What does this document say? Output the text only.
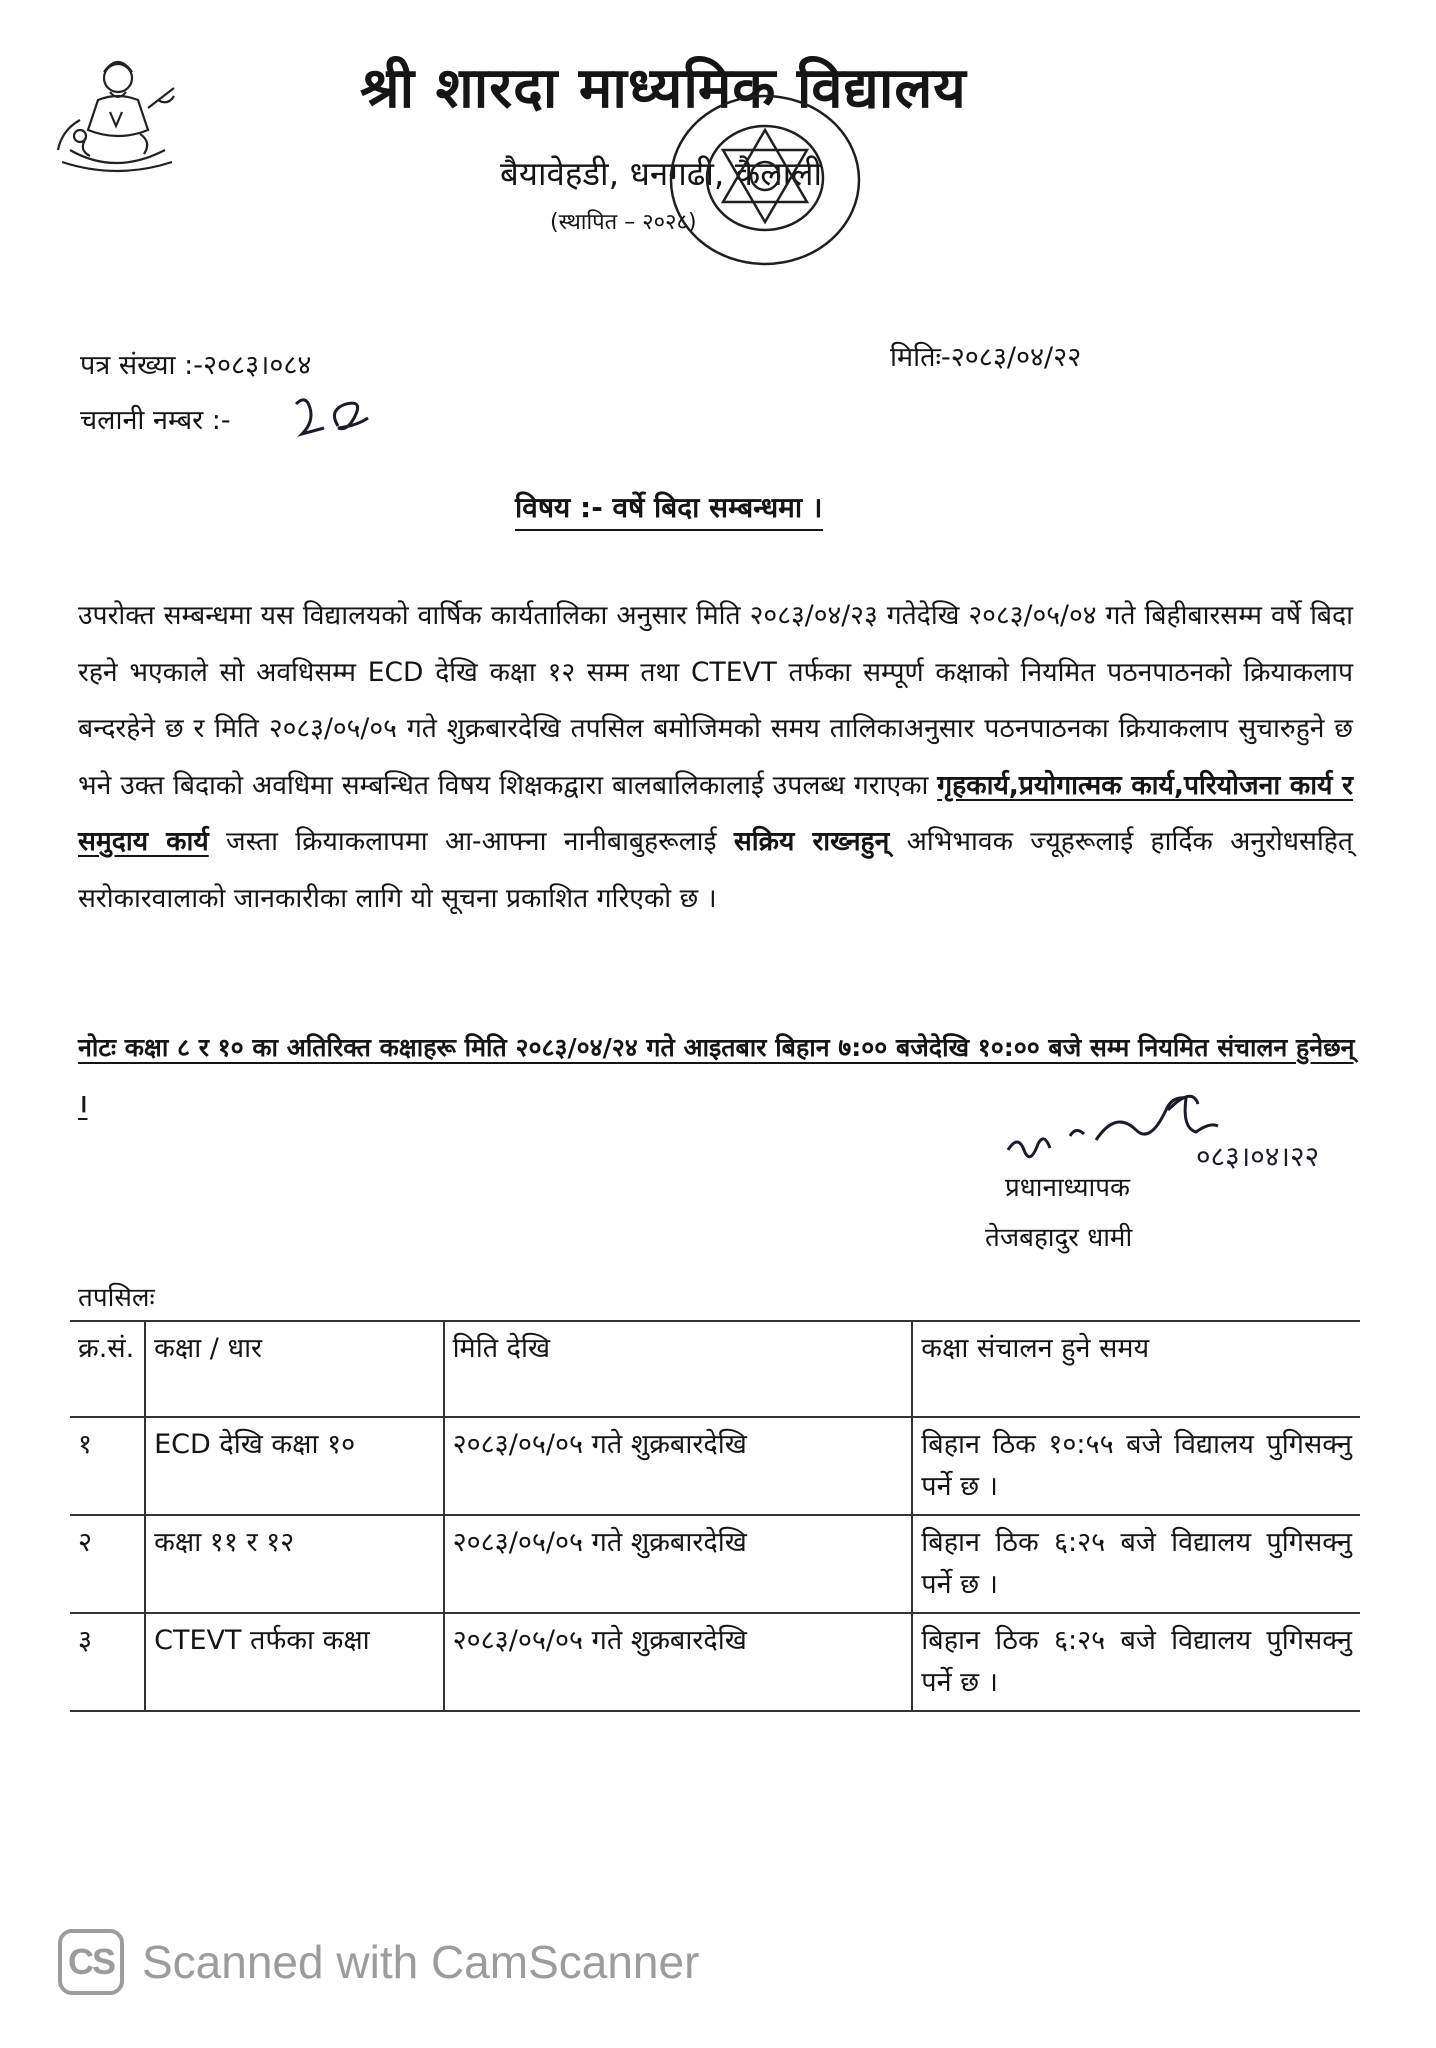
श्री शारदा माध्यमिक विद्यालय
बैयावेहडी, धनगढी, कैलाली
(स्थापित – २०२८)
पत्र संख्या :-२०८३।०८४
चलानी नम्बर :-
मितिः-२०८३/०४/२२
विषय :- वर्षे बिदा सम्बन्धमा ।
उपरोक्त सम्बन्धमा यस विद्यालयको वार्षिक कार्यतालिका अनुसार मिति २०८३/०४/२३ गतेदेखि २०८३/०५/०४ गते बिहीबारसम्म वर्षे बिदा रहने भएकाले सो अवधिसम्म ECD देखि कक्षा १२ सम्म तथा CTEVT तर्फका सम्पूर्ण कक्षाको नियमित पठनपाठनको क्रियाकलाप बन्दरहेने छ र मिति २०८३/०५/०५ गते शुक्रबारदेखि तपसिल बमोजिमको समय तालिकाअनुसार पठनपाठनका क्रियाकलाप सुचारुहुने छ भने उक्त बिदाको अवधिमा सम्बन्धित विषय शिक्षकद्वारा बालबालिकालाई उपलब्ध गराएका गृहकार्य,प्रयोगात्मक कार्य,परियोजना कार्य र समुदाय कार्य जस्ता क्रियाकलापमा आ-आफ्ना नानीबाबुहरूलाई सक्रिय राख्नहुन् अभिभावक ज्यूहरूलाई हार्दिक अनुरोधसहित् सरोकारवालाको जानकारीका लागि यो सूचना प्रकाशित गरिएको छ ।
नोटः कक्षा ८ र १० का अतिरिक्त कक्षाहरू मिति २०८३/०४/२४ गते आइतबार बिहान ७:०० बजेदेखि १०:०० बजे सम्म नियमित संचालन हुनेछन् ।
०८३।०४।२२
प्रधानाध्यापक
तेजबहादुर धामी
तपसिलः
क्र.सं.	कक्षा / धार	मिति देखि	कक्षा संचालन हुने समय
१	ECD देखि कक्षा १०	२०८३/०५/०५ गते शुक्रबारदेखि	बिहान ठिक १०:५५ बजे विद्यालय पुगिसक्नु पर्ने छ ।
२	कक्षा ११ र १२	२०८३/०५/०५ गते शुक्रबारदेखि	बिहान ठिक ६:२५ बजे विद्यालय पुगिसक्नु पर्ने छ ।
३	CTEVT तर्फका कक्षा	२०८३/०५/०५ गते शुक्रबारदेखि	बिहान ठिक ६:२५ बजे विद्यालय पुगिसक्नु पर्ने छ ।
CS Scanned with CamScanner
